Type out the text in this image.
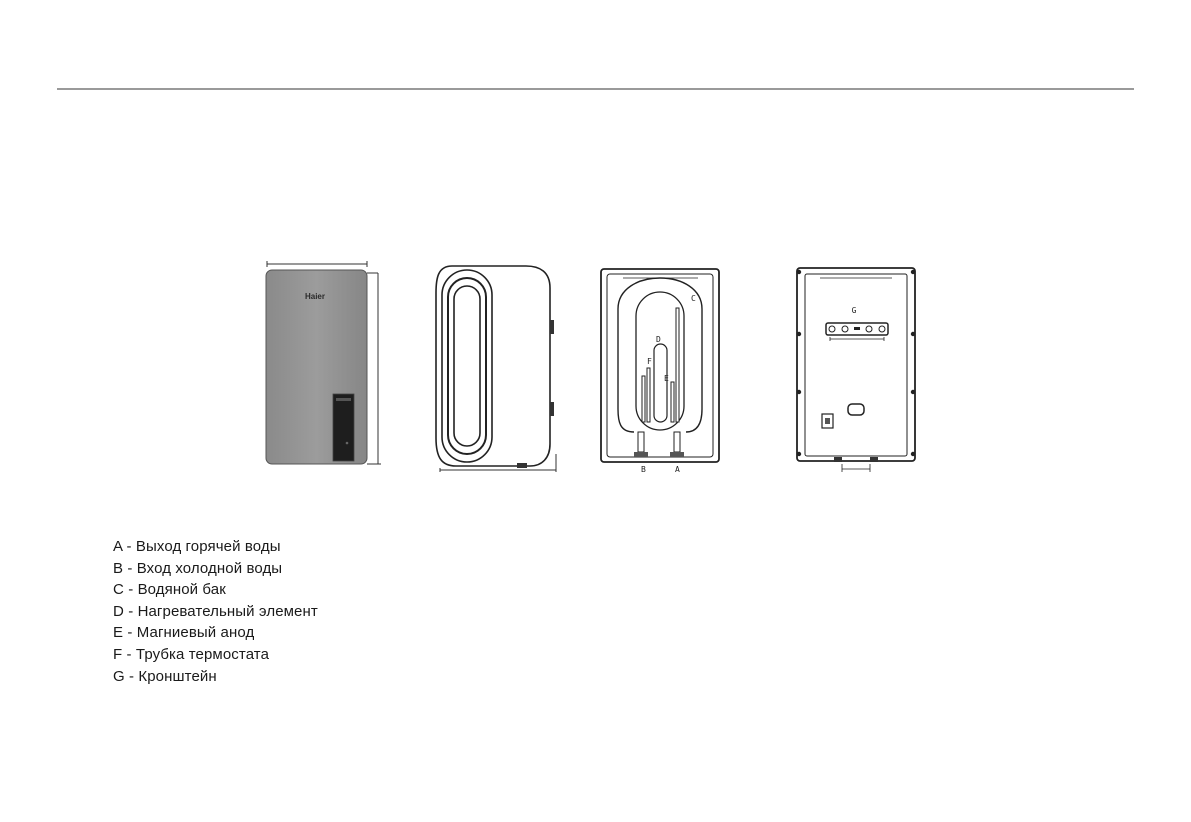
Haier	C
D
F
E
B	A
G
A - Выход горячей воды
B - Вход холодной воды
C - Водяной бак
D - Нагревательный элемент
E - Магниевый анод
F - Трубка термостата
G - Кронштейн
